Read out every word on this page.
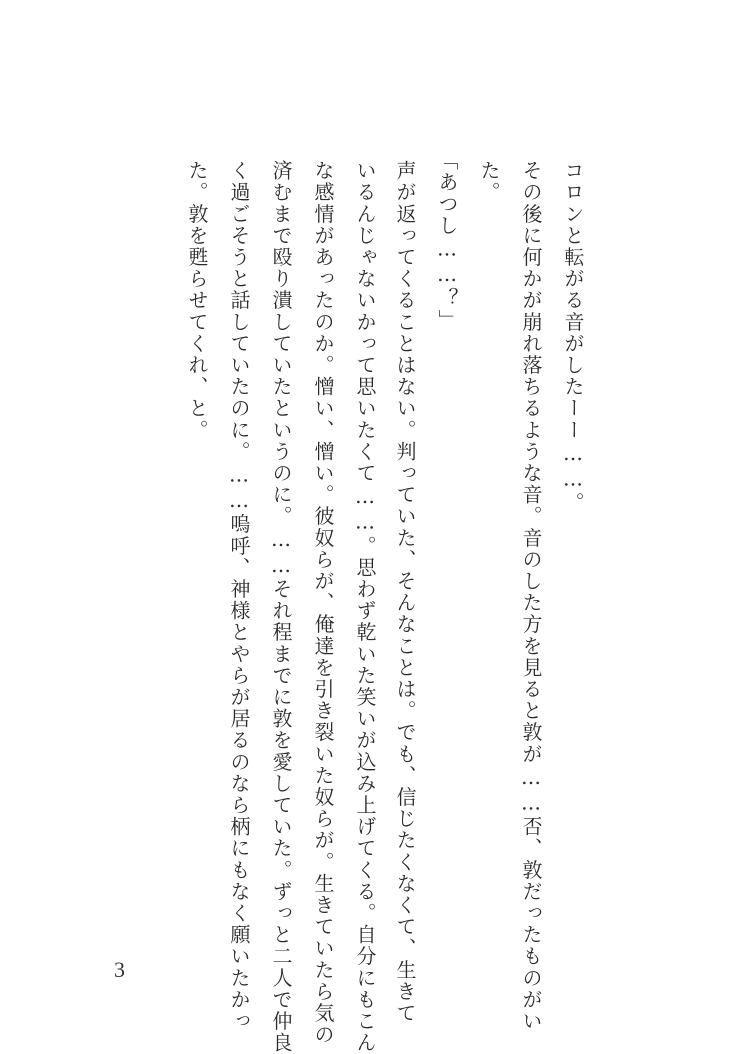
コロンと転がる音がしたーー……。

その後に何かが崩れ落ちるような音。音のした方を見ると敦が……否、敦だったものがい

た。

「あつし……？」

声が返ってくることはない。判っていた、そんなことは。でも、信じたくなくて、生きて

いるんじゃないかって思いたくて……。思わず乾いた笑いが込み上げてくる。自分にもこん

な感情があったのか。憎い、憎い。彼奴らが、俺達を引き裂いた奴らが。生きていたら気の

済むまで殴り潰していたというのに。……それ程までに敦を愛していた。ずっと二人で仲良

く過ごそうと話していたのに。……嗚呼、神様とやらが居るのなら柄にもなく願いたかっ

た。敦を甦らせてくれ、と。

3
